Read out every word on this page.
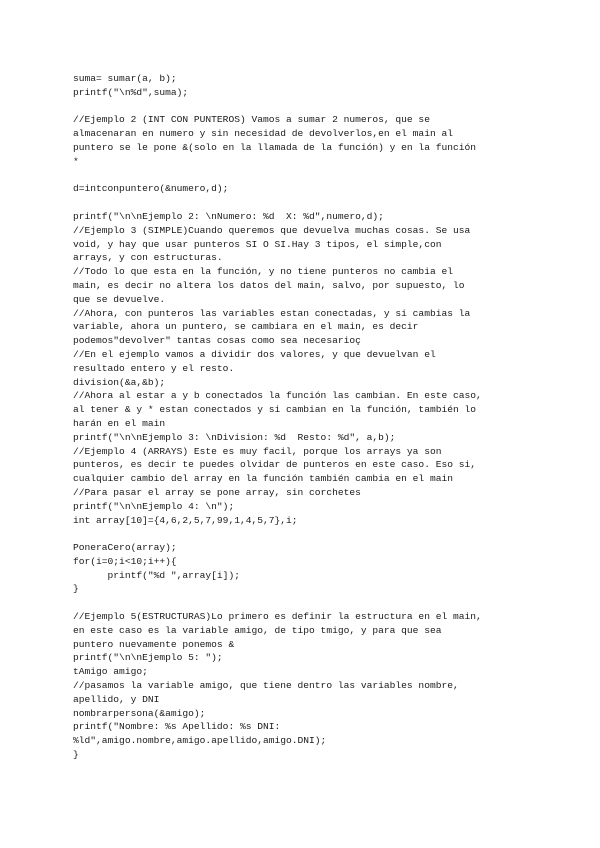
suma= sumar(a, b);
printf("\n%d",suma);
//Ejemplo 2 (INT CON PUNTEROS) Vamos a sumar 2 numeros, que se
almacenaran en numero y sin necesidad de devolverlos,en el main al
puntero se le pone &(solo en la llamada de la función) y en la función
*
d=intconpuntero(&numero,d);
printf("\n\nEjemplo 2: \nNumero: %d  X: %d",numero,d);
//Ejemplo 3 (SIMPLE)Cuando queremos que devuelva muchas cosas. Se usa
void, y hay que usar punteros SI O SI.Hay 3 tipos, el simple,con
arrays, y con estructuras.
//Todo lo que esta en la función, y no tiene punteros no cambia el
main, es decir no altera los datos del main, salvo, por supuesto, lo
que se devuelve.
//Ahora, con punteros las variables estan conectadas, y si cambias la
variable, ahora un puntero, se cambiara en el main, es decir
podemos"devolver" tantas cosas como sea necesarioç
//En el ejemplo vamos a dividir dos valores, y que devuelvan el
resultado entero y el resto.
division(&a,&b);
//Ahora al estar a y b conectados la función las cambian. En este caso,
al tener & y * estan conectados y si cambian en la función, también lo
harán en el main
printf("\n\nEjemplo 3: \nDivision: %d  Resto: %d", a,b);
//Ejemplo 4 (ARRAYS) Este es muy facil, porque los arrays ya son
punteros, es decir te puedes olvidar de punteros en este caso. Eso si,
cualquier cambio del array en la función también cambia en el main
//Para pasar el array se pone array, sin corchetes
printf("\n\nEjemplo 4: \n");
int array[10]={4,6,2,5,7,99,1,4,5,7},i;
PoneraCero(array);
for(i=0;i<10;i++){
printf("%d ",array[i]);
}
//Ejemplo 5(ESTRUCTURAS)Lo primero es definir la estructura en el main,
en este caso es la variable amigo, de tipo tmigo, y para que sea
puntero nuevamente ponemos &
printf("\n\nEjemplo 5: ");
tAmigo amigo;
//pasamos la variable amigo, que tiene dentro las variables nombre,
apellido, y DNI
nombrarpersona(&amigo);
printf("Nombre: %s Apellido: %s DNI:
%ld",amigo.nombre,amigo.apellido,amigo.DNI);
}
